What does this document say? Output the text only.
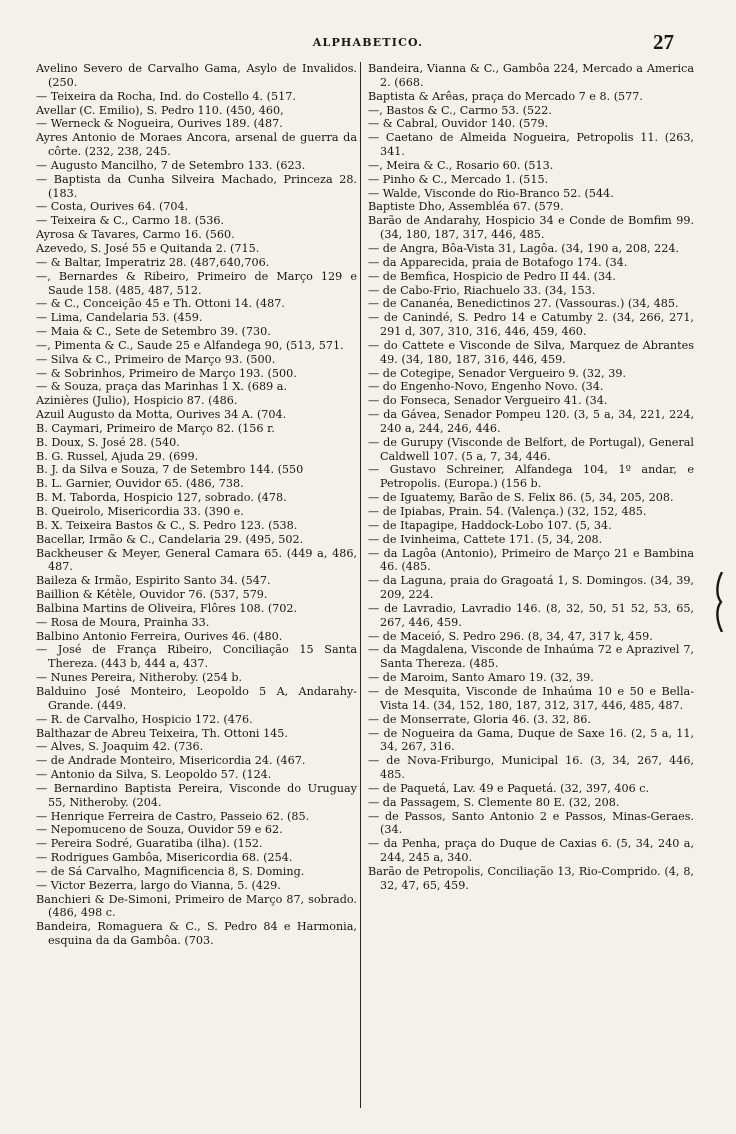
ALPHABETICO.	27
Avelino Severo de Carvalho Gama, Asylo de Invalidos. (250.
— Teixeira da Rocha, Ind. do Costello 4. (517.
Avellar (C. Emilio), S. Pedro 110. (450, 460,
— Werneck & Nogueira, Ourives 189. (487.
Ayres Antonio de Moraes Ancora, arsenal de guerra da côrte. (232, 238, 245.
— Augusto Mancilho, 7 de Setembro 133. (623.
— Baptista da Cunha Silveira Machado, Princeza 28. (183.
— Costa, Ourives 64. (704.
— Teixeira & C., Carmo 18. (536.
Ayrosa & Tavares, Carmo 16. (560.
Azevedo, S. José 55 e Quitanda 2. (715.
— & Baltar, Imperatriz 28. (487,640,706.
—, Bernardes & Ribeiro, Primeiro de Março 129 e Saude 158. (485, 487, 512.
— & C., Conceição 45 e Th. Ottoni 14. (487.
— Lima, Candelaria 53. (459.
— Maia & C., Sete de Setembro 39. (730.
—, Pimenta & C., Saude 25 e Alfandega 90, (513, 571.
— Silva & C., Primeiro de Março 93. (500.
— & Sobrinhos, Primeiro de Março 193. (500.
— & Souza, praça das Marinhas 1 X. (689 a.
Azinières (Julio), Hospicio 87. (486.
Azuil Augusto da Motta, Ourives 34 A. (704.
B. Caymari, Primeiro de Março 82. (156 r.
B. Doux, S. José 28. (540.
B. G. Russel, Ajuda 29. (699.
B. J. da Silva e Souza, 7 de Setembro 144. (550
B. L. Garnier, Ouvidor 65. (486, 738.
B. M. Taborda, Hospicio 127, sobrado. (478.
B. Queirolo, Misericordia 33. (390 e.
B. X. Teixeira Bastos & C., S. Pedro 123. (538.
Bacellar, Irmão & C., Candelaria 29. (495, 502.
Backheuser & Meyer, General Camara 65. (449 a, 486, 487.
Baileza & Irmão, Espirito Santo 34. (547.
Baillion & Kétèle, Ouvidor 76. (537, 579.
Balbina Martins de Oliveira, Flôres 108. (702.
— Rosa de Moura, Prainha 33.
Balbino Antonio Ferreira, Ourives 46. (480.
— José de França Ribeiro, Conciliação 15 Santa Thereza. (443 b, 444 a, 437.
— Nunes Pereira, Nitheroby. (254 b.
Balduino José Monteiro, Leopoldo 5 A, Andarahy-Grande. (449.
— R. de Carvalho, Hospicio 172. (476.
Balthazar de Abreu Teixeira, Th. Ottoni 145.
— Alves, S. Joaquim 42. (736.
— de Andrade Monteiro, Misericordia 24. (467.
— Antonio da Silva, S. Leopoldo 57. (124.
— Bernardino Baptista Pereira, Visconde do Uruguay 55, Nitheroby. (204.
— Henrique Ferreira de Castro, Passeio 62. (85.
— Nepomuceno de Souza, Ouvidor 59 e 62.
— Pereira Sodré, Guaratiba (ilha). (152.
— Rodrigues Gambôa, Misericordia 68. (254.
— de Sá Carvalho, Magnificencia 8, S. Doming.
— Victor Bezerra, largo do Vianna, 5. (429.
Banchieri & De-Simoni, Primeiro de Março 87, sobrado. (486, 498 c.
Bandeira, Romaguera & C., S. Pedro 84 e Harmonia, esquina da da Gambôa. (703.
Bandeira, Vianna & C., Gambôa 224, Mercado a America 2. (668.
Baptista & Arêas, praça do Mercado 7 e 8. (577.
—, Bastos & C., Carmo 53. (522.
— & Cabral, Ouvidor 140. (579.
— Caetano de Almeida Nogueira, Petropolis 11. (263, 341.
—, Meira & C., Rosario 60. (513.
— Pinho & C., Mercado 1. (515.
— Walde, Visconde do Rio-Branco 52. (544.
Baptiste Dho, Assembléa 67. (579.
Barão de Andarahy, Hospicio 34 e Conde de Bomfim 99. (34, 180, 187, 317, 446, 485.
— de Angra, Bôa-Vista 31, Lagôa. (34, 190 a, 208, 224.
— da Apparecida, praia de Botafogo 174. (34.
— de Bemfica, Hospicio de Pedro II 44. (34.
— de Cabo-Frio, Riachuelo 33. (34, 153.
— de Cananéa, Benedictinos 27. (Vassouras.) (34, 485.
— de Canindé, S. Pedro 14 e Catumby 2. (34, 266, 271, 291 d, 307, 310, 316, 446, 459, 460.
— do Cattete e Visconde de Silva, Marquez de Abrantes 49. (34, 180, 187, 316, 446, 459.
— de Cotegipe, Senador Vergueiro 9. (32, 39.
— do Engenho-Novo, Engenho Novo. (34.
— do Fonseca, Senador Vergueiro 41. (34.
— da Gávea, Senador Pompeu 120. (3, 5 a, 34, 221, 224, 240 a, 244, 246, 446.
— de Gurupy (Visconde de Belfort, de Portugal), General Caldwell 107. (5 a, 7, 34, 446.
— Gustavo Schreiner, Alfandega 104, 1º andar, e Petropolis. (Europa.) (156 b.
— de Iguatemy, Barão de S. Felix 86. (5, 34, 205, 208.
— de Ipiabas, Prain. 54. (Valença.) (32, 152, 485.
— de Itapagipe, Haddock-Lobo 107. (5, 34.
— de Ivinheima, Cattete 171. (5, 34, 208.
— da Lagôa (Antonio), Primeiro de Março 21 e Bambina 46. (485.
— da Laguna, praia do Gragoatá 1, S. Domingos. (34, 39, 209, 224.
— de Lavradio, Lavradio 146. (8, 32, 50, 51 52, 53, 65, 267, 446, 459.
— de Maceió, S. Pedro 296. (8, 34, 47, 317 k, 459.
— da Magdalena, Visconde de Inhaúma 72 e Aprazivel 7, Santa Thereza. (485.
— de Maroim, Santo Amaro 19. (32, 39.
— de Mesquita, Visconde de Inhaúma 10 e 50 e Bella-Vista 14. (34, 152, 180, 187, 312, 317, 446, 485, 487.
— de Monserrate, Gloria 46. (3. 32, 86.
— de Nogueira da Gama, Duque de Saxe 16. (2, 5 a, 11, 34, 267, 316.
— de Nova-Friburgo, Municipal 16. (3, 34, 267, 446, 485.
— de Paquetá, Lav. 49 e Paquetá. (32, 397, 406 c.
— da Passagem, S. Clemente 80 E. (32, 208.
— de Passos, Santo Antonio 2 e Passos, Minas-Geraes. (34.
— da Penha, praça do Duque de Caxias 6. (5, 34, 240 a, 244, 245 a, 340.
Barão de Petropolis, Conciliação 13, Rio-Comprido. (4, 8, 32, 47, 65, 459.
